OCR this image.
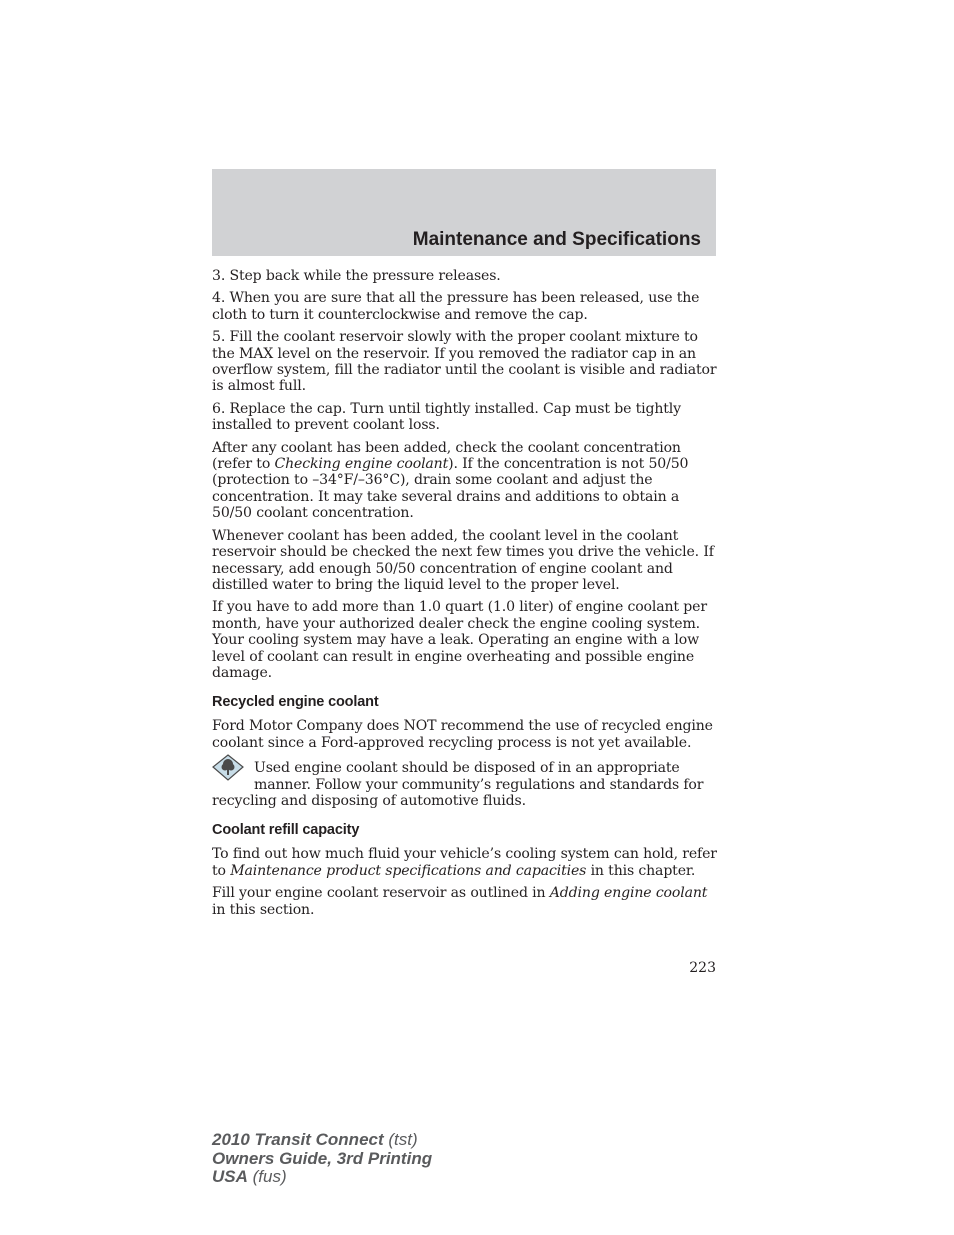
Maintenance and Specifications

3. Step back while the pressure releases.

4. When you are sure that all the pressure has been released, use the cloth to turn it counterclockwise and remove the cap.

5. Fill the coolant reservoir slowly with the proper coolant mixture to the MAX level on the reservoir. If you removed the radiator cap in an overflow system, fill the radiator until the coolant is visible and radiator is almost full.

6. Replace the cap. Turn until tightly installed. Cap must be tightly installed to prevent coolant loss.

After any coolant has been added, check the coolant concentration (refer to Checking engine coolant). If the concentration is not 50/50 (protection to –34°F/–36°C), drain some coolant and adjust the concentration. It may take several drains and additions to obtain a 50/50 coolant concentration.

Whenever coolant has been added, the coolant level in the coolant reservoir should be checked the next few times you drive the vehicle. If necessary, add enough 50/50 concentration of engine coolant and distilled water to bring the liquid level to the proper level.

If you have to add more than 1.0 quart (1.0 liter) of engine coolant per month, have your authorized dealer check the engine cooling system. Your cooling system may have a leak. Operating an engine with a low level of coolant can result in engine overheating and possible engine damage.

Recycled engine coolant

Ford Motor Company does NOT recommend the use of recycled engine coolant since a Ford-approved recycling process is not yet available.

Used engine coolant should be disposed of in an appropriate manner. Follow your community’s regulations and standards for recycling and disposing of automotive fluids.

Coolant refill capacity

To find out how much fluid your vehicle’s cooling system can hold, refer to Maintenance product specifications and capacities in this chapter.

Fill your engine coolant reservoir as outlined in Adding engine coolant in this section.

223
2010 Transit Connect (tst)
Owners Guide, 3rd Printing
USA (fus)
